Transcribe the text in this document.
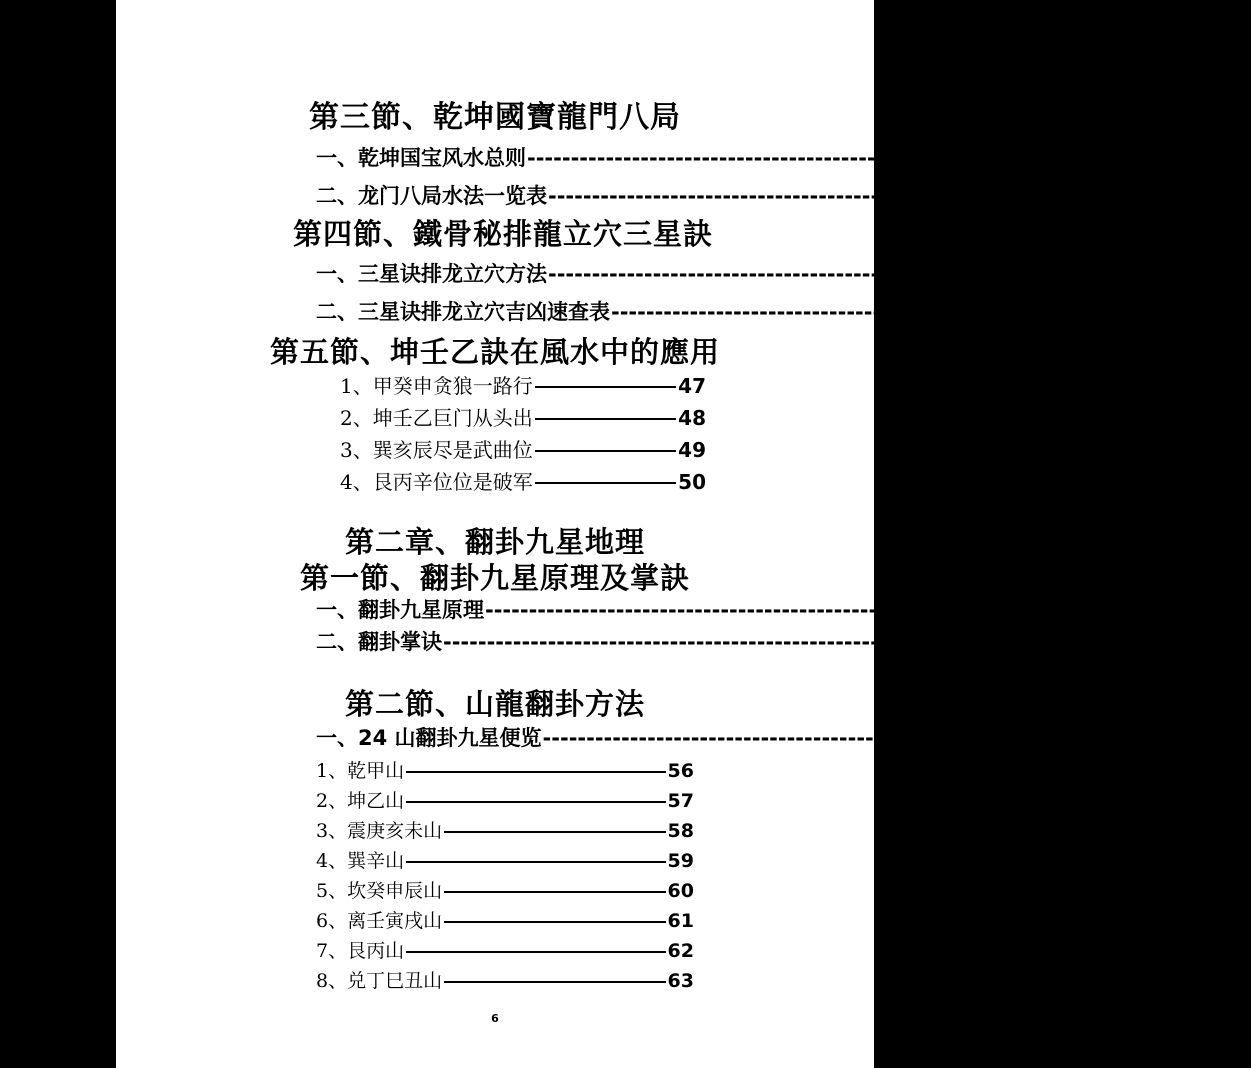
第三節、乾坤國寶龍門八局
一、乾坤国宝风水总则 ---------------------------------------------------------------------- 31
二、龙门八局水法一览表 ---------------------------------------------------------------------- 37
第四節、鐵骨秘排龍立穴三星訣
一、三星诀排龙立穴方法 ---------------------------------------------------------------------- 38
二、三星诀排龙立穴吉凶速查表 ---------------------------------------------------------------------- 43
第五節、坤壬乙訣在風水中的應用
1、甲癸申贪狼一路行	47
2、坤壬乙巨门从头出	48
3、巽亥辰尽是武曲位	49
4、艮丙辛位位是破军	50
第二章、翻卦九星地理
第一節、翻卦九星原理及掌訣
一、翻卦九星原理 ---------------------------------------------------------------------- 52
二、翻卦掌诀 ---------------------------------------------------------------------- 53
第二節、山龍翻卦方法
一、24 山翻卦九星便览 ---------------------------------------------------------------------- 56
1、乾甲山	56
2、坤乙山	57
3、震庚亥未山	58
4、巽辛山	59
5、坎癸申辰山	60
6、离壬寅戌山	61
7、艮丙山	62
8、兑丁巳丑山	63
6
